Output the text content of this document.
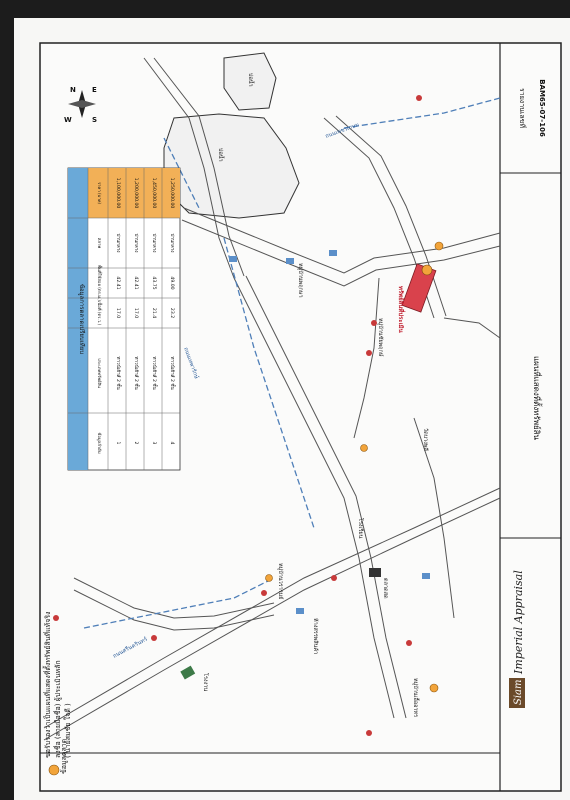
ข้อมูลการตลาดเปรียบเทียบ
ข้อมูลลำดับ
ประเภททรัพย์สิน
เนื้อที่ (ตร.ว.)
พื้นที่ใช้สอย (ตร.ม.)
สภาพ
ราคา (บาท)
1
ทาวน์เฮ้าส์ 2 ชั้น
17.0
42.41
ปานกลาง
1,100,000.00
2
ทาวน์เฮ้าส์ 2 ชั้น
17.0
42.41
ปานกลาง
1,200,000.00
3
ทาวน์เฮ้าส์ 2 ชั้น
21.4
43.75
ปานกลาง
1,450,000.00
4
ทาวน์เฮ้าส์ 2 ชั้น
23.2
49.00
ปานกลาง
1,250,000.00
ทรัพย์สินที่ประเมิน
บ่อน้ำ
บ่อน้ำ
ถนนเพชรเกษม
ถนนเทพารักษ์
ถนนศรีนครินทร์
หมู่บ้านพฤกษา
หมู่บ้านชัยพฤกษ์
หมู่บ้านวรารมย์
หมู่บ้านเอื้ออาทร
วัดบางพลี
โรงเรียน
ตลาดสด
ห้างสรรพสินค้า
โรงงาน
N E
S
W
Siam
Imperial Appraisal
แผนที่แสดงที่ตั้งทรัพย์สิน
รายงานเลขที่ BAM65-07-106
ข้อมูลตลาด
ขอรับรองว่าเป็นแผนที่แสดงที่ตั้งทรัพย์สินที่แท้จริง ลงชื่อ (ลายมือชื่อ) ผู้ประเมินหลัก ( นายสมชัย ใจดี )
